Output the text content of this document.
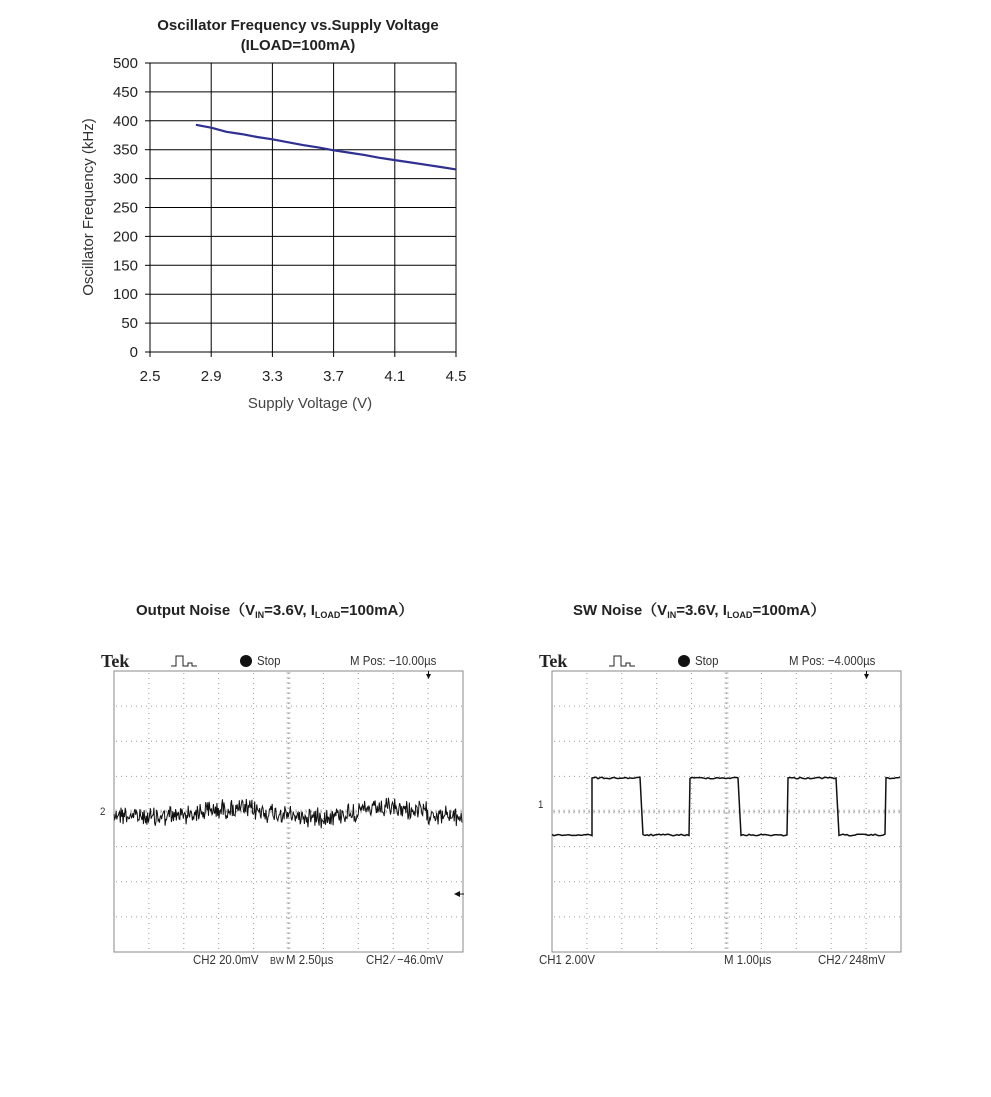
Oscillator Frequency vs.Supply Voltage
(ILOAD=100mA)
0
50
100
150
200
250
300
350
400
450
500
2.5	2.9	3.3	3.7	4.1	4.5
Supply Voltage (V)
Oscillator Frequency (kHz)
Output $Noise(V_{IN}=3.6V$, $I_{LOAD}=100mA$）
Tek	Stop	M Pos: −10.00µs
2
CH2 20.0mV BW M 2.50µs	CH2 ∕ −46.0mV
SW $Noise(V_{IN}=3.6V$, $I_{LOAD}=100mA$）
Tek	Stop	M Pos: −4.000µs
1
CH1 2.00V	M 1.00µs	CH2 ∕ 248mV
